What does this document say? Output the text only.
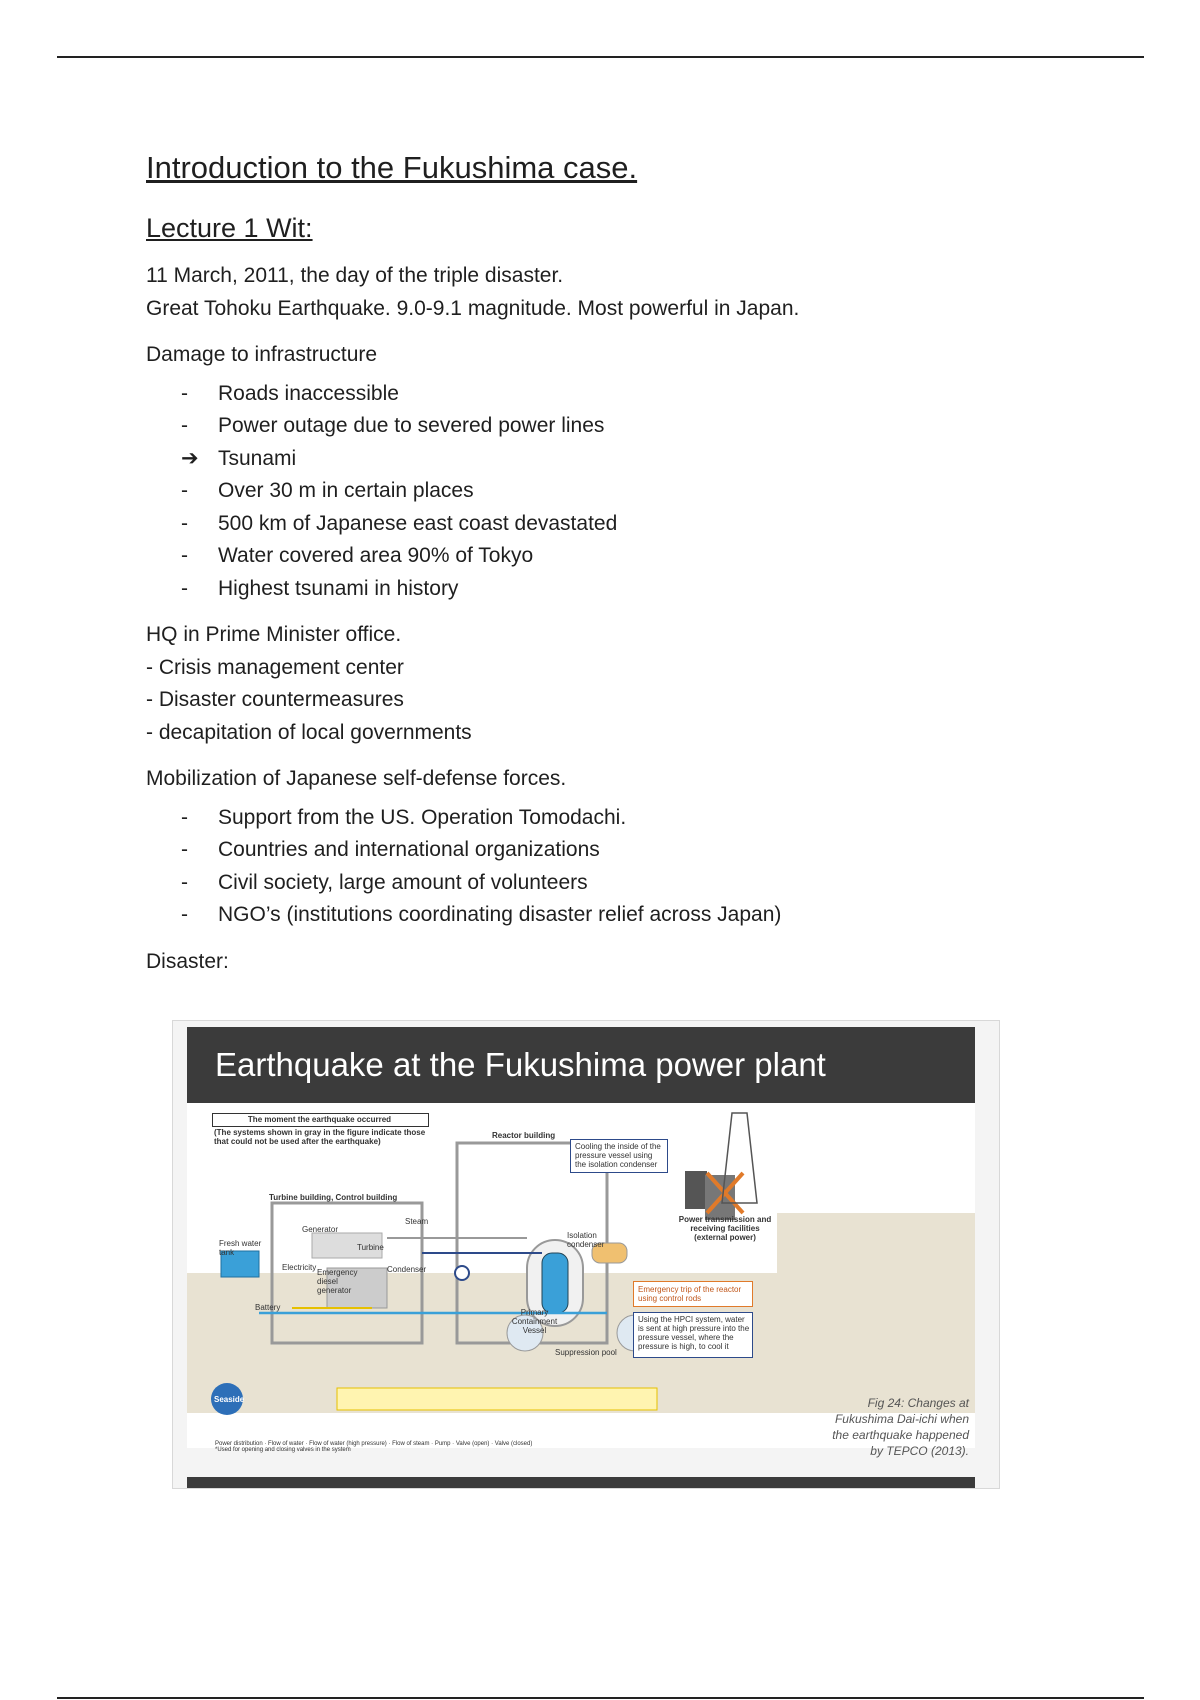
Introduction to the Fukushima case.
Lecture 1 Wit:

11 March, 2011, the day of the triple disaster.

Great Tohoku Earthquake. 9.0-9.1 magnitude. Most powerful in Japan.

Damage to infrastructure

-	Roads inaccessible
-	Power outage due to severed power lines
➔ Tsunami
-	Over 30 m in certain places
-	500 km of Japanese east coast devastated
-	Water covered area 90% of Tokyo
-	Highest tsunami in history

HQ in Prime Minister office.

- Crisis management center

- Disaster countermeasures

- decapitation of local governments

Mobilization of Japanese self-defense forces.

-	Support from the US. Operation Tomodachi.
-	Countries and international organizations
-	Civil society, large amount of volunteers
-	NGO’s (institutions coordinating disaster relief across Japan)

Disaster:

Earthquake at the Fukushima power plant
The moment the earthquake occurred
(The systems shown in gray in the figure indicate those that could not be used after the earthquake)
Reactor building
Turbine building, Control building
Cooling the inside of the pressure vessel using the isolation condenser
Power transmission and receiving facilities (external power)
Emergency trip of the reactor using control rods
Using the HPCI system, water is sent at high pressure into the pressure vessel, where the pressure is high, to cool it
Generator
Turbine
Steam
Fresh water tank
Electricity
Emergency diesel generator
Condenser
Battery
Isolation condenser
Primary Containment Vessel
Suppression pool
Seaside
Power distribution · Flow of water · Flow of water (high pressure) · Flow of steam · Pump · Valve (open) · Valve (closed)
*Used for opening and closing valves in the system
Fig 24: Changes at Fukushima Dai-ichi when the earthquake happened by TEPCO (2013).
